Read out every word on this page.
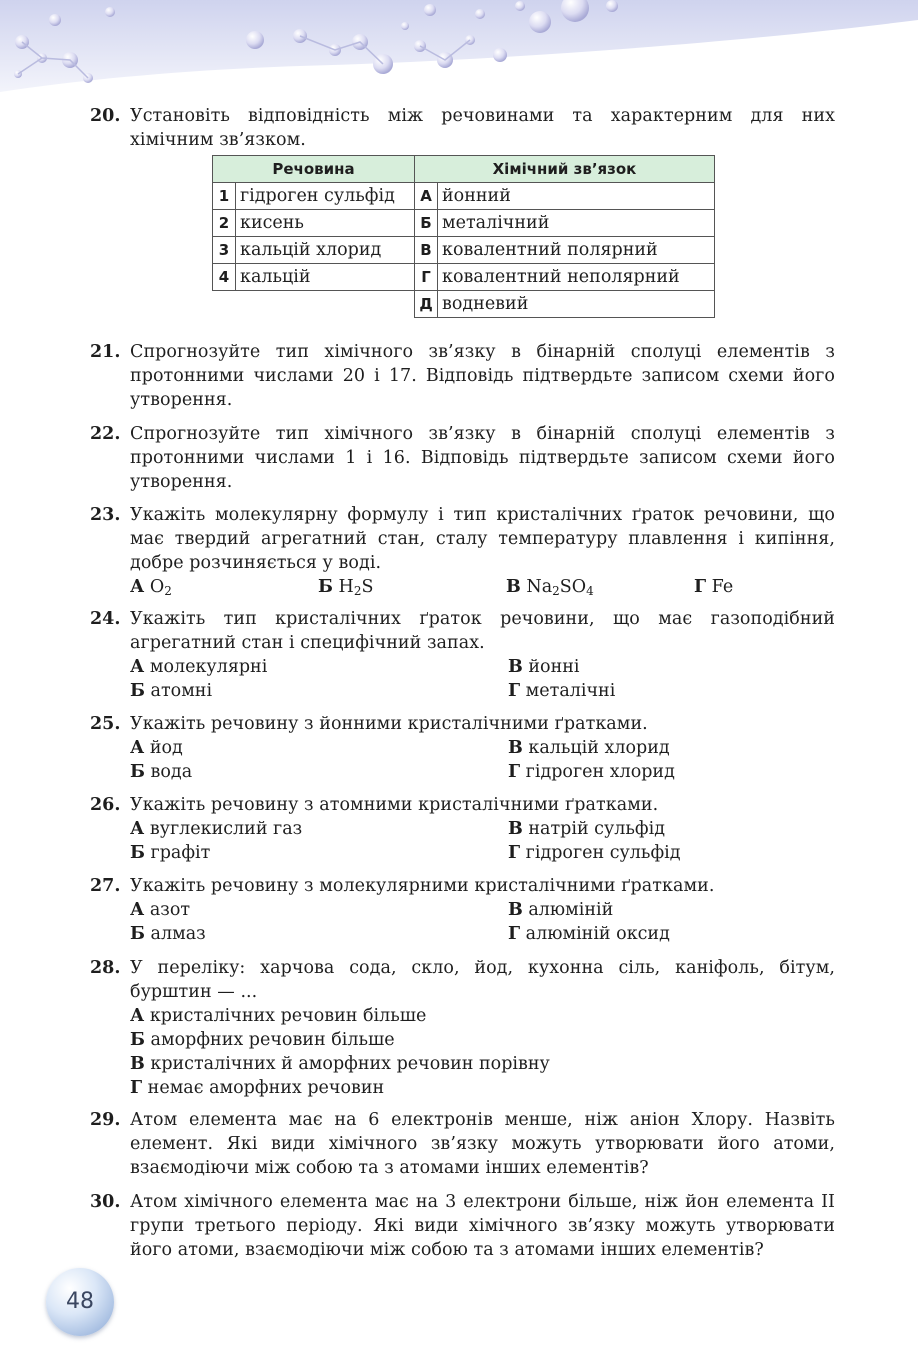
20. Установіть відповідність між речовинами та характерним для них хімічним зв’язком.
Речовина		Хімічний зв’язок	
1	гідроген сульфід	А	йонний
2	кисень	Б	металічний
3	кальцій хлорид	В	ковалентний полярний
4	кальцій	Г	ковалентний неполярний
		Д	водневий
21. Спрогнозуйте тип хімічного зв’язку в бінарній сполуці елементів з протонними числами 20 і 17. Відповідь підтвердьте записом схеми його утворення.
22. Спрогнозуйте тип хімічного зв’язку в бінарній сполуці елементів з протонними числами 1 і 16. Відповідь підтвердьте записом схеми його утворення.
23. Укажіть молекулярну формулу і тип кристалічних ґраток речовини, що має твердий агрегатний стан, сталу температуру плавлення і кипіння, добре розчиняється у воді.
А $O_2$	Б $H_2S$	В $Na_2SO_4$	Г Fe
24. Укажіть тип кристалічних ґраток речовини, що має газоподібний агрегатний стан і специфічний запах.
А молекулярні	В йонні
Б атомні	Г металічні
25. Укажіть речовину з йонними кристалічними ґратками.
А йод	В кальцій хлорид
Б вода	Г гідроген хлорид
26. Укажіть речовину з атомними кристалічними ґратками.
А вуглекислий газ	В натрій сульфід
Б графіт	Г гідроген сульфід
27. Укажіть речовину з молекулярними кристалічними ґратками.
А азот	В алюміній
Б алмаз	Г алюміній оксид
28. У переліку: харчова сода, скло, йод, кухонна сіль, каніфоль, бітум, бурштин — ...
А кристалічних речовин більше
Б аморфних речовин більше
В кристалічних й аморфних речовин порівну
Г немає аморфних речовин
29. Атом елемента має на 6 електронів менше, ніж аніон Хлору. Назвіть елемент. Які види хімічного зв’язку можуть утворювати його атоми, взаємодіючи між собою та з атомами інших елементів?
30. Атом хімічного елемента має на 3 електрони більше, ніж йон елемента ІІ групи третього періоду. Які види хімічного зв’язку можуть утворювати його атоми, взаємодіючи між собою та з атомами інших елементів?
48
